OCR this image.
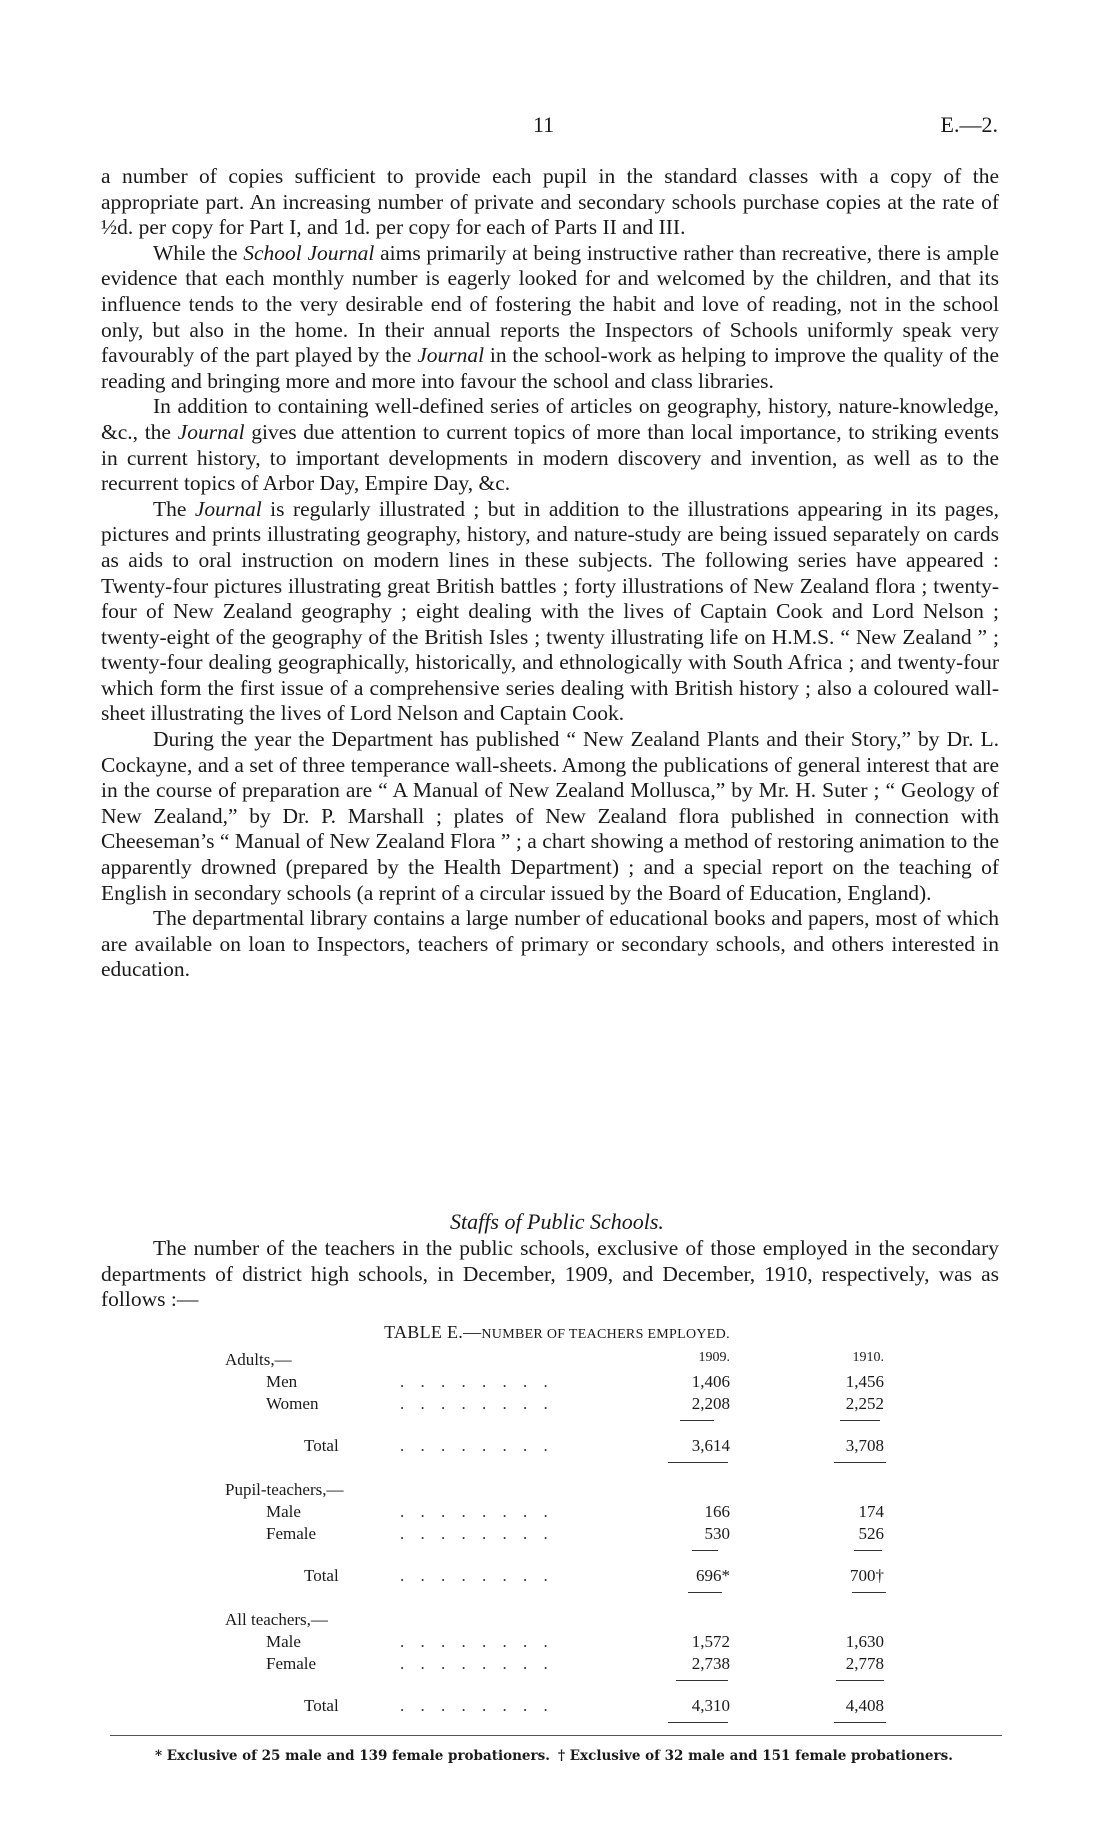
11	E.—2.

a number of copies sufficient to provide each pupil in the standard classes with a copy of the appropriate part. An increasing number of private and secondary schools purchase copies at the rate of ½d. per copy for Part I, and 1d. per copy for each of Parts II and III.

While the School Journal aims primarily at being instructive rather than recreative, there is ample evidence that each monthly number is eagerly looked for and welcomed by the children, and that its influence tends to the very desirable end of fostering the habit and love of reading, not in the school only, but also in the home. In their annual reports the Inspectors of Schools uniformly speak very favourably of the part played by the Journal in the school-work as helping to improve the quality of the reading and bringing more and more into favour the school and class libraries.

In addition to containing well-defined series of articles on geography, history, nature-knowledge, &c., the Journal gives due attention to current topics of more than local importance, to striking events in current history, to important developments in modern discovery and invention, as well as to the recurrent topics of Arbor Day, Empire Day, &c.

The Journal is regularly illustrated ; but in addition to the illustrations appearing in its pages, pictures and prints illustrating geography, history, and nature-study are being issued separately on cards as aids to oral instruction on modern lines in these subjects. The following series have appeared : Twenty-four pictures illustrating great British battles ; forty illustrations of New Zealand flora ; twenty-four of New Zealand geography ; eight dealing with the lives of Captain Cook and Lord Nelson ; twenty-eight of the geography of the British Isles ; twenty illustrating life on H.M.S. “ New Zealand ” ; twenty-four dealing geographically, historically, and ethnologically with South Africa ; and twenty-four which form the first issue of a comprehensive series dealing with British history ; also a coloured wall-sheet illustrating the lives of Lord Nelson and Captain Cook.

During the year the Department has published “ New Zealand Plants and their Story,” by Dr. L. Cockayne, and a set of three temperance wall-sheets. Among the publications of general interest that are in the course of preparation are “ A Manual of New Zealand Mollusca,” by Mr. H. Suter ; “ Geology of New Zealand,” by Dr. P. Marshall ; plates of New Zealand flora published in connection with Cheeseman’s “ Manual of New Zealand Flora ” ; a chart showing a method of restoring animation to the apparently drowned (prepared by the Health Department) ; and a special report on the teaching of English in secondary schools (a reprint of a circular issued by the Board of Education, England).

The departmental library contains a large number of educational books and papers, most of which are available on loan to Inspectors, teachers of primary or secondary schools, and others interested in education.

Staffs of Public Schools.

The number of the teachers in the public schools, exclusive of those employed in the secondary departments of district high schools, in December, 1909, and December, 1910, respectively, was as follows :—

TABLE E.—NUMBER OF TEACHERS EMPLOYED.
Adults,—	1909.	1910.
Men	. . . . . . . .	1,406	1,456
Women	. . . . . . . .	2,208	2,252
Total	. . . . . . . .	3,614	3,708
Pupil-teachers,—
Male	. . . . . . . .	166	174
Female	. . . . . . . .	530	526
Total	. . . . . . . .	696*	700†
All teachers,—
Male	. . . . . . . .	1,572	1,630
Female	. . . . . . . .	2,738	2,778
Total	. . . . . . . .	4,310	4,408
* Exclusive of 25 male and 139 female probationers. † Exclusive of 32 male and 151 female probationers.
